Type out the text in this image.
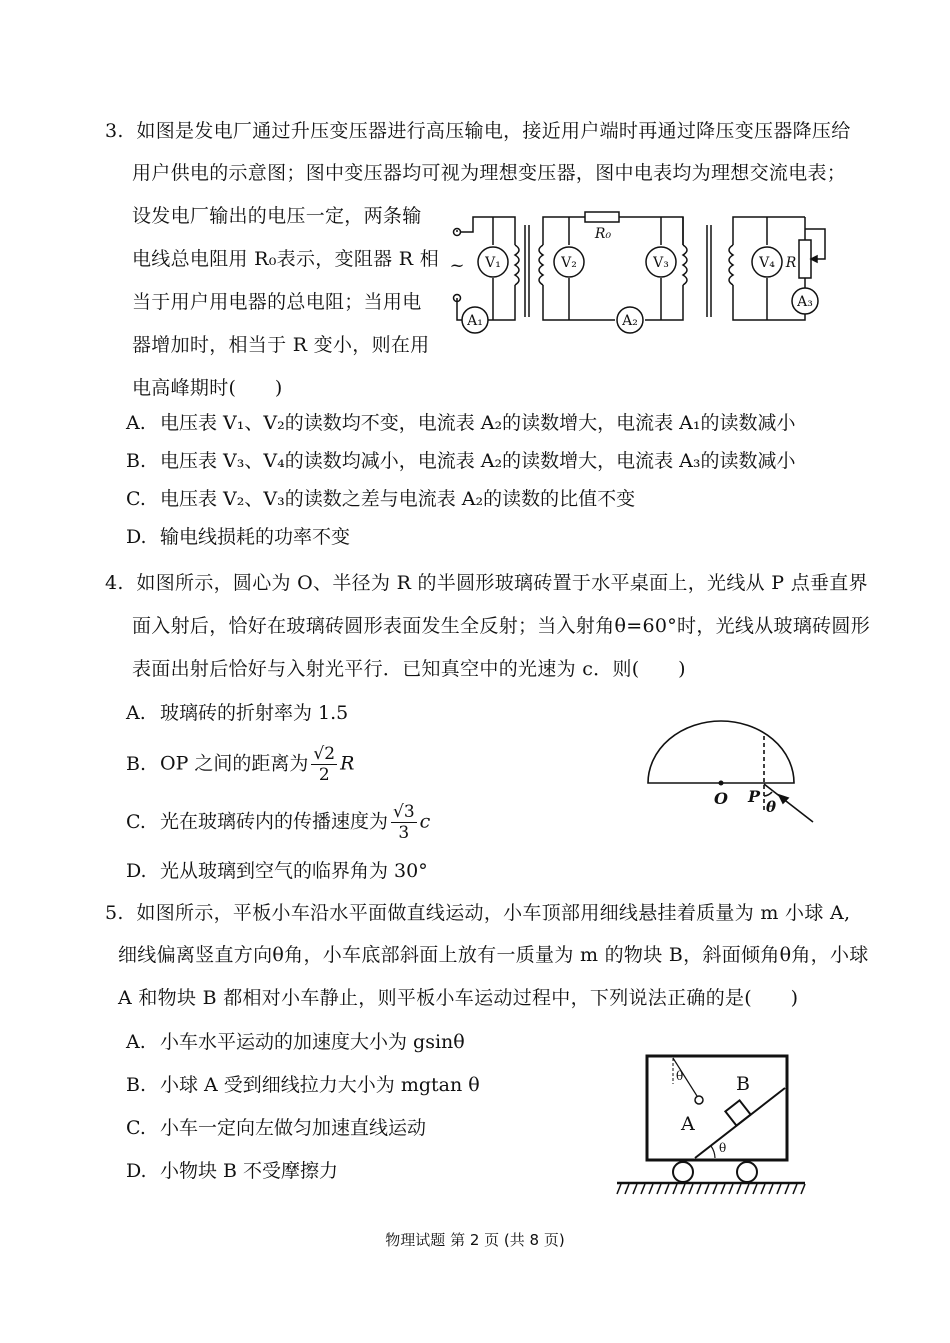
3. 如图是发电厂通过升压变压器进行高压输电，接近用户端时再通过降压变压器降压给
用户供电的示意图；图中变压器均可视为理想变压器，图中电表均为理想交流电表；
设发电厂输出的电压一定，两条输
电线总电阻用 R₀表示，变阻器 R 相
当于用户用电器的总电阻；当用电
器增加时，相当于 R 变小，则在用
电高峰期时(　　)
V₁	V₂	V₃	V₄
A₁	A₂
A₃
R₀
R
~
A. 电压表 V₁、V₂的读数均不变，电流表 A₂的读数增大，电流表 A₁的读数减小
B. 电压表 V₃、V₄的读数均减小，电流表 A₂的读数增大，电流表 A₃的读数减小
C. 电压表 V₂、V₃的读数之差与电流表 A₂的读数的比值不变
D. 输电线损耗的功率不变
4. 如图所示，圆心为 O、半径为 R 的半圆形玻璃砖置于水平桌面上，光线从 P 点垂直界
面入射后，恰好在玻璃砖圆形表面发生全反射；当入射角θ=60°时，光线从玻璃砖圆形
表面出射后恰好与入射光平行．已知真空中的光速为 c．则(　　)
A. 玻璃砖的折射率为 1.5
B. OP 之间的距离为 $\frac{√2}{2}$ R
C. 光在玻璃砖内的传播速度为 $\frac{√3}{3}$ c
D. 光从玻璃到空气的临界角为 30°
O P
θ
5. 如图所示，平板小车沿水平面做直线运动，小车顶部用细线悬挂着质量为 m 小球 A,
细线偏离竖直方向θ角，小车底部斜面上放有一质量为 m 的物块 B，斜面倾角θ角，小球
A 和物块 B 都相对小车静止，则平板小车运动过程中，下列说法正确的是(　　)
A. 小车水平运动的加速度大小为 gsinθ
B. 小球 A 受到细线拉力大小为 mgtan θ
C. 小车一定向左做匀加速直线运动
D. 小物块 B 不受摩擦力
θ	B
A
θ
物理试题 第 2 页 (共 8 页)
